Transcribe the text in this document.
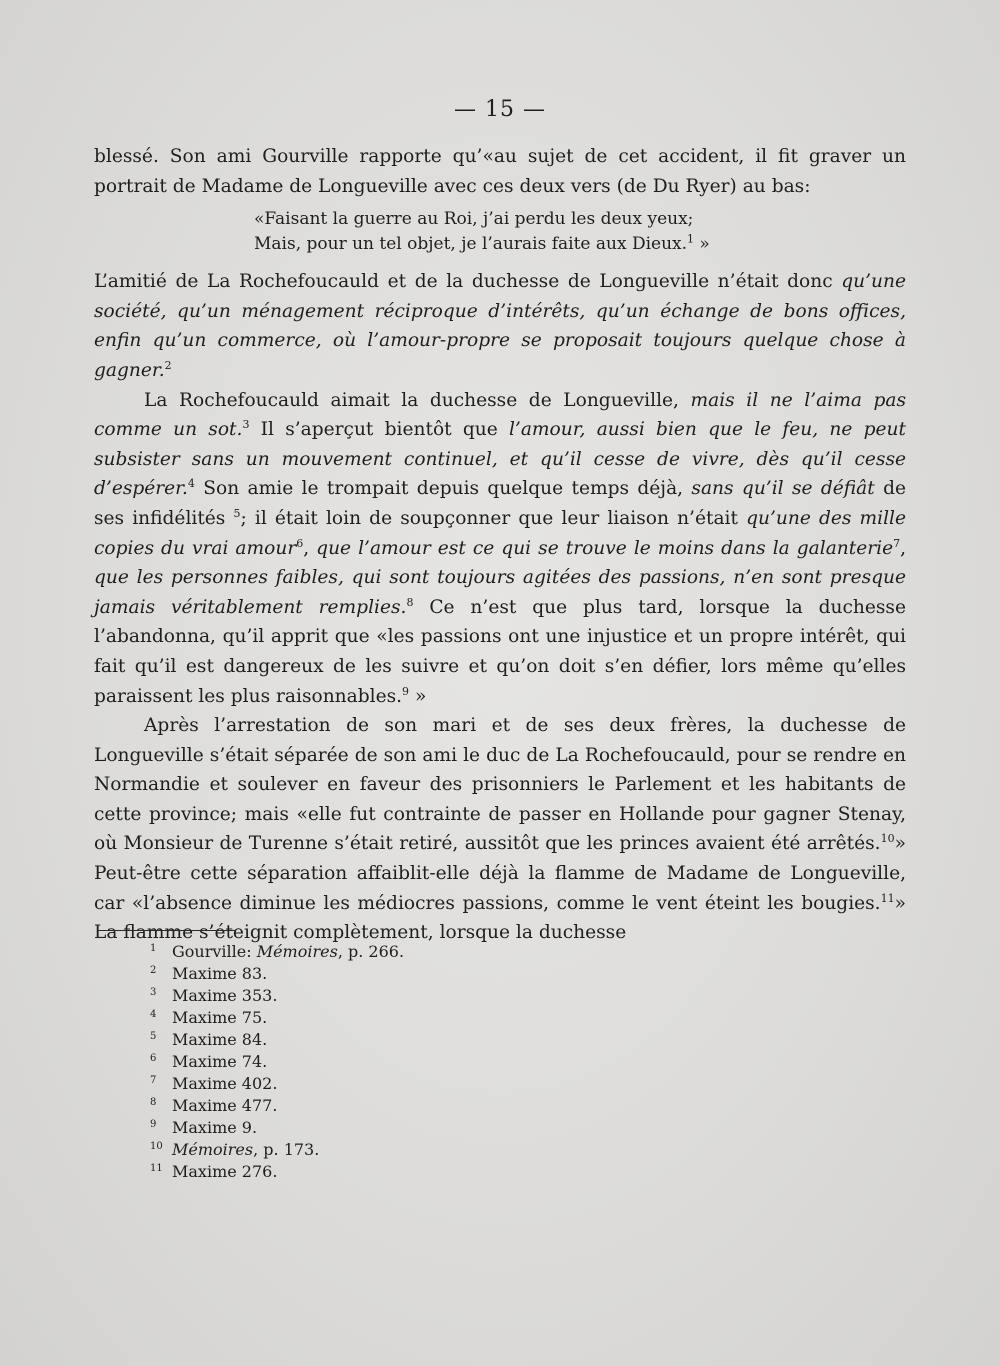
— 15 —

blessé. Son ami Gourville rapporte qu’«au sujet de cet accident, il fit graver un portrait de Madame de Longueville avec ces deux vers (de Du Ryer) au bas:

«Faisant la guerre au Roi, j’ai perdu les deux yeux;
Mais, pour un tel objet, je l’aurais faite aux Dieux.$^1$ »

L’amitié de La Rochefoucauld et de la duchesse de Longueville n’était donc qu’une société, qu’un ménagement réciproque d’intérêts, qu’un échange de bons offices, enfin qu’un commerce, où l’amour-propre se proposait toujours quelque chose à gagner.$^2$

La Rochefoucauld aimait la duchesse de Longueville, mais il ne l’aima pas comme un sot.$^3$ Il s’aperçut bientôt que l’amour, aussi bien que le feu, ne peut subsister sans un mouvement continuel, et qu’il cesse de vivre, dès qu’il cesse d’espérer.$^4$ Son amie le trompait depuis quelque temps déjà, sans qu’il se défiât de ses infidélités $^5$; il était loin de soupçonner que leur liaison n’était qu’une des mille copies du vrai amour$^6$, que l’amour est ce qui se trouve le moins dans la galanterie$^7$, que les personnes faibles, qui sont toujours agitées des passions, n’en sont presque jamais véritablement remplies.$^8$ Ce n’est que plus tard, lorsque la duchesse l’abandonna, qu’il apprit que «les passions ont une injustice et un propre intérêt, qui fait qu’il est dangereux de les suivre et qu’on doit s’en défier, lors même qu’elles paraissent les plus raisonnables.$^9$ »

Après l’arrestation de son mari et de ses deux frères, la duchesse de Longueville s’était séparée de son ami le duc de La Rochefoucauld, pour se rendre en Normandie et soulever en faveur des prisonniers le Parlement et les habitants de cette province; mais «elle fut contrainte de passer en Hollande pour gagner Stenay, où Monsieur de Turenne s’était retiré, aussitôt que les princes avaient été arrêtés.$^{10}$» Peut-être cette séparation affaiblit-elle déjà la flamme de Madame de Longueville, car «l’absence diminue les médiocres passions, comme le vent éteint les bougies.$^{11}$» La flamme s’éteignit complètement, lorsque la duchesse

1 Gourville: Mémoires, p. 266.
2 Maxime 83.
3 Maxime 353.
4 Maxime 75.
5 Maxime 84.
6 Maxime 74.
7 Maxime 402.
8 Maxime 477.
9 Maxime 9.
10 Mémoires, p. 173.
11 Maxime 276.
